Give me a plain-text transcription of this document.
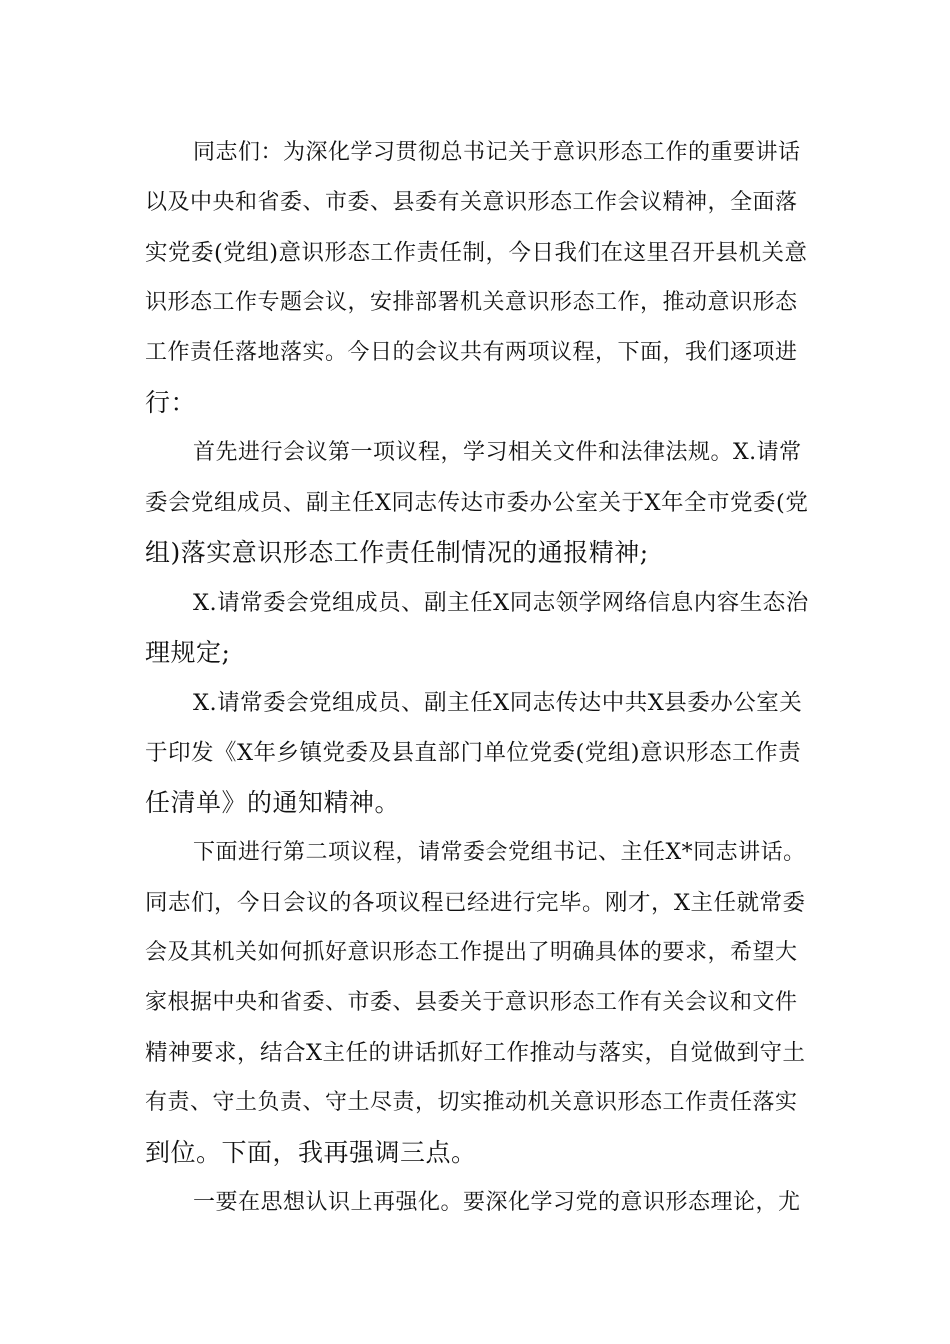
同志们：为深化学习贯彻总书记关于意识形态工作的重要讲话
以及中央和省委、市委、县委有关意识形态工作会议精神，全面落
实党委(党组)意识形态工作责任制，今日我们在这里召开县机关意
识形态工作专题会议，安排部署机关意识形态工作，推动意识形态
工作责任落地落实。今日的会议共有两项议程，下面，我们逐项进
行：
首先进行会议第一项议程，学习相关文件和法律法规。X.请常
委会党组成员、副主任X同志传达市委办公室关于X年全市党委(党
组)落实意识形态工作责任制情况的通报精神;
X.请常委会党组成员、副主任X同志领学网络信息内容生态治
理规定;
X.请常委会党组成员、副主任X同志传达中共X县委办公室关
于印发《X年乡镇党委及县直部门单位党委(党组)意识形态工作责
任清单》的通知精神。
下面进行第二项议程，请常委会党组书记、主任X*同志讲话。
同志们，今日会议的各项议程已经进行完毕。刚才，X主任就常委
会及其机关如何抓好意识形态工作提出了明确具体的要求，希望大
家根据中央和省委、市委、县委关于意识形态工作有关会议和文件
精神要求，结合X主任的讲话抓好工作推动与落实，自觉做到守土
有责、守土负责、守土尽责，切实推动机关意识形态工作责任落实
到位。下面，我再强调三点。
一要在思想认识上再强化。要深化学习党的意识形态理论，尤
